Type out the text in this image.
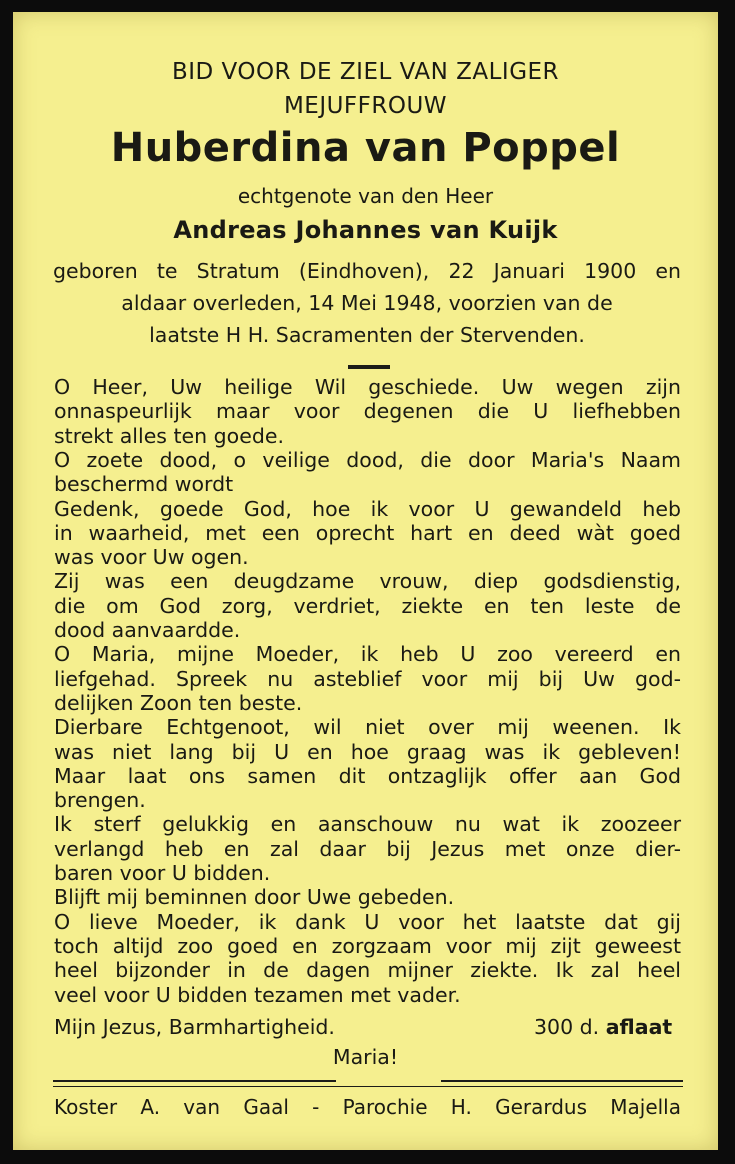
BID VOOR DE ZIEL VAN ZALIGER
MEJUFFROUW
Huberdina van Poppel
echtgenote van den Heer
Andreas Johannes van Kuijk
geboren te Stratum (Eindhoven), 22 Januari 1900 en
aldaar overleden, 14 Mei 1948, voorzien van de
laatste H H. Sacramenten der Stervenden.
O Heer, Uw heilige Wil geschiede. Uw wegen zijn
onnaspeurlijk maar voor degenen die U liefhebben
strekt alles ten goede.
O zoete dood, o veilige dood, die door Maria's Naam
beschermd wordt
Gedenk, goede God, hoe ik voor U gewandeld heb
in waarheid, met een oprecht hart en deed wàt goed
was voor Uw ogen.
Zij was een deugdzame vrouw, diep godsdienstig,
die om God zorg, verdriet, ziekte en ten leste de
dood aanvaardde.
O Maria, mijne Moeder, ik heb U zoo vereerd en
liefgehad. Spreek nu asteblief voor mij bij Uw god-
delijken Zoon ten beste.
Dierbare Echtgenoot, wil niet over mij weenen. Ik
was niet lang bij U en hoe graag was ik gebleven!
Maar laat ons samen dit ontzaglijk offer aan God
brengen.
Ik sterf gelukkig en aanschouw nu wat ik zoozeer
verlangd heb en zal daar bij Jezus met onze dier-
baren voor U bidden.
Blijft mij beminnen door Uwe gebeden.
O lieve Moeder, ik dank U voor het laatste dat gij
toch altijd zoo goed en zorgzaam voor mij zijt geweest
heel bijzonder in de dagen mijner ziekte. Ik zal heel
veel voor U bidden tezamen met vader.
Mijn Jezus, Barmhartigheid.	300 d. aflaat
Maria!
Koster A. van Gaal - Parochie H. Gerardus Majella
